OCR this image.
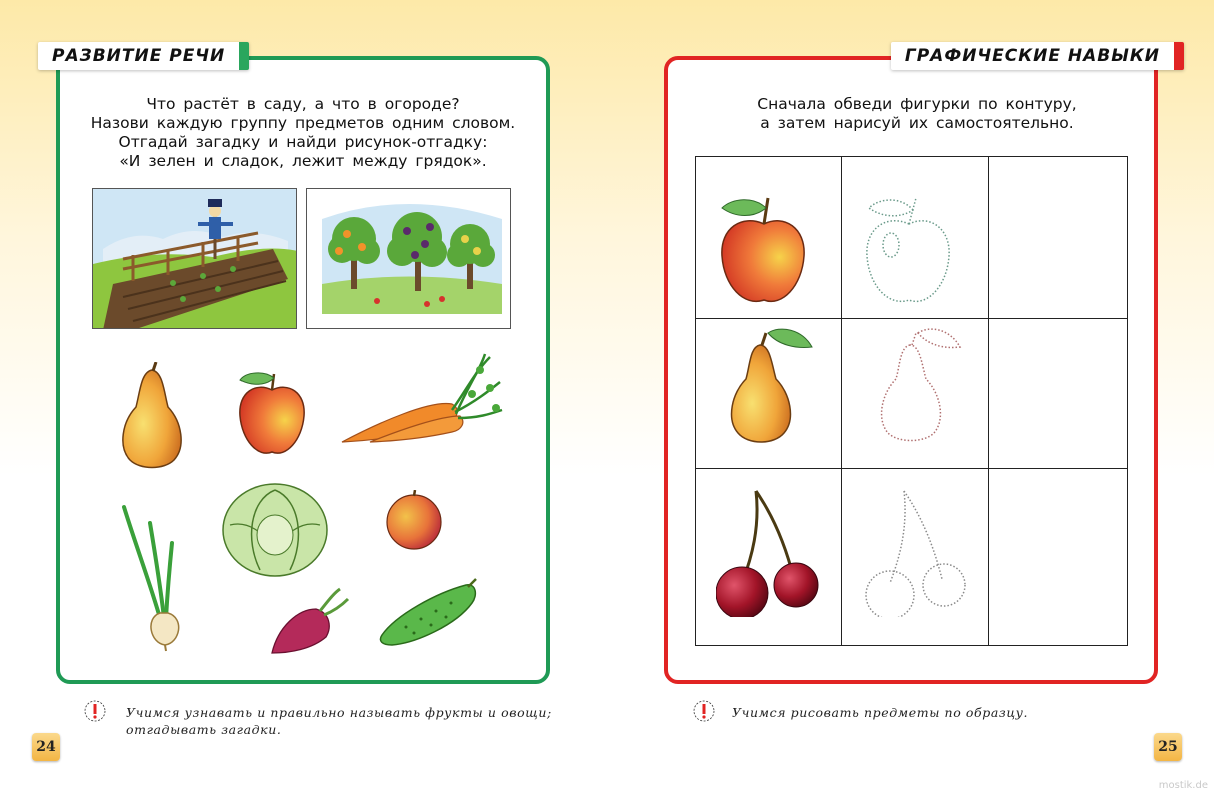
РАЗВИТИЕ РЕЧИ
Что растёт в саду, а что в огороде?
Назови каждую группу предметов одним словом.
Отгадай загадку и найди рисунок-отгадку:
«И зелен и сладок, лежит между грядок».
Учимся узнавать и правильно называть фрукты и овощи;
отгадывать загадки.
24
ГРАФИЧЕСКИЕ НАВЫКИ
Сначала обведи фигурки по контуру,
а затем нарисуй их самостоятельно.
Учимся рисовать предметы по образцу.
25
mostik.de
